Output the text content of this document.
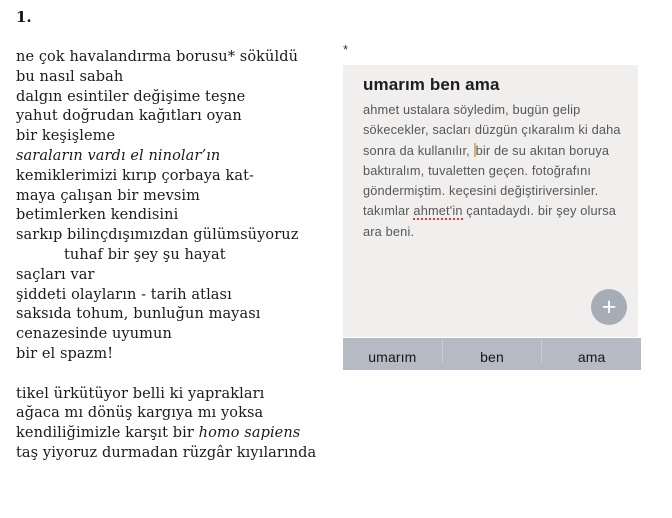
1.
ne çok havalandırma borusu* söküldü
bu nasıl sabah
dalgın esintiler değişime teşne
yahut doğrudan kağıtları oyan
bir keşişleme
saraların vardı el ninolar’ın
kemiklerimizi kırıp çorbaya kat-
maya çalışan bir mevsim
betimlerken kendisini
sarkıp bilinçdışımızdan gülümsüyoruz
tuhaf bir şey şu hayat
saçları var
şiddeti olayların - tarih atlası
saksıda tohum, bunluğun mayası
cenazesinde uyumun
bir el spazm!
tikel ürkütüyor belli ki yaprakları
ağaca mı dönüş kargıya mı yoksa
kendiliğimizle karşıt bir homo sapiens
taş yiyoruz durmadan rüzgâr kıyılarında
*
umarım ben ama
ahmet ustalara söyledim, bugün gelip
sökecekler, sacları düzgün çıkaralım ki daha
sonra da kullanılır, bir de su akıtan boruya
baktıralım, tuvaletten geçen. fotoğrafını
göndermiştim. keçesini değiştiriversinler.
takımlar ahmet'in çantadaydı. bir şey olursa
ara beni.
+
umarım	ben	ama
